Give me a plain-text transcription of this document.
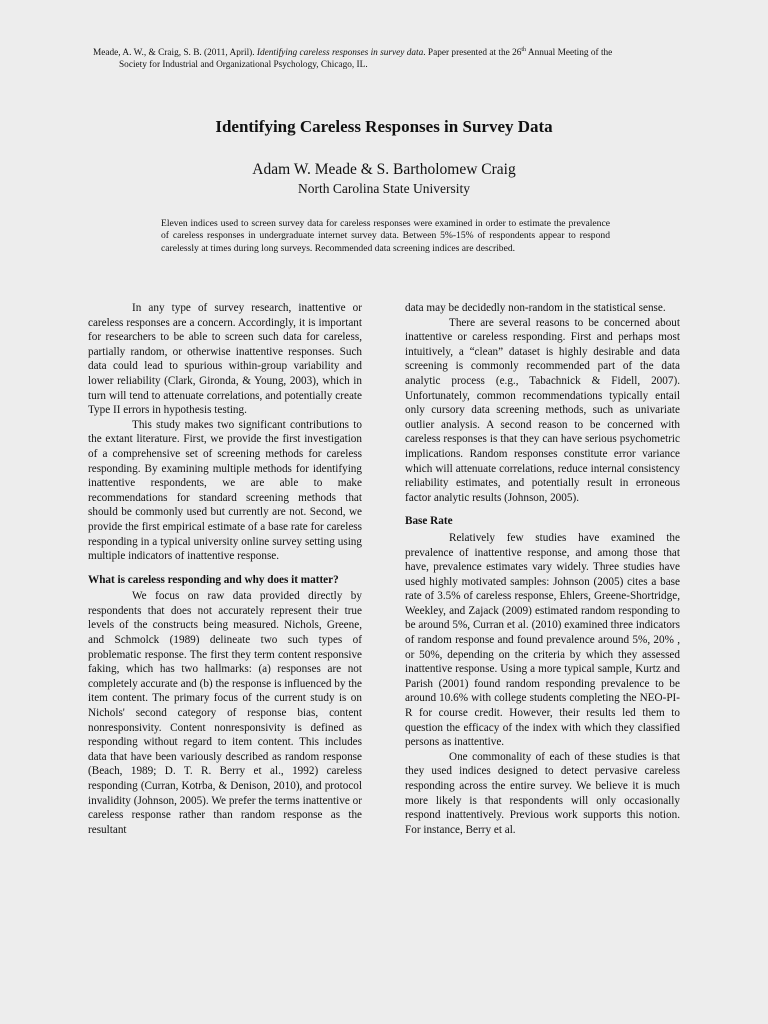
Meade, A. W., & Craig, S. B. (2011, April). Identifying careless responses in survey data. Paper presented at the 26th Annual Meeting of the
Society for Industrial and Organizational Psychology, Chicago, IL.
Identifying Careless Responses in Survey Data
Adam W. Meade & S. Bartholomew Craig
North Carolina State University
Eleven indices used to screen survey data for careless responses were examined in order to estimate the prevalence of careless responses in undergraduate internet survey data. Between 5%-15% of respondents appear to respond carelessly at times during long surveys. Recommended data screening indices are described.

In any type of survey research, inattentive or careless responses are a concern. Accordingly, it is important for researchers to be able to screen such data for careless, partially random, or otherwise inattentive responses. Such data could lead to spurious within-group variability and lower reliability (Clark, Gironda, & Young, 2003), which in turn will tend to attenuate correlations, and potentially create Type II errors in hypothesis testing.

This study makes two significant contributions to the extant literature. First, we provide the first investigation of a comprehensive set of screening methods for careless responding. By examining multiple methods for identifying inattentive respondents, we are able to make recommendations for standard screening methods that should be commonly used but currently are not. Second, we provide the first empirical estimate of a base rate for careless responding in a typical university online survey setting using multiple indicators of inattentive response.

What is careless responding and why does it matter?

We focus on raw data provided directly by respondents that does not accurately represent their true levels of the constructs being measured. Nichols, Greene, and Schmolck (1989) delineate two such types of problematic response. The first they term content responsive faking, which has two hallmarks: (a) responses are not completely accurate and (b) the response is influenced by the item content. The primary focus of the current study is on Nichols' second category of response bias, content nonresponsivity. Content nonresponsivity is defined as responding without regard to item content. This includes data that have been variously described as random response (Beach, 1989; D. T. R. Berry et al., 1992) careless responding (Curran, Kotrba, & Denison, 2010), and protocol invalidity (Johnson, 2005). We prefer the terms inattentive or careless response rather than random response as the resultant

data may be decidedly non-random in the statistical sense.

There are several reasons to be concerned about inattentive or careless responding. First and perhaps most intuitively, a “clean” dataset is highly desirable and data screening is commonly recommended part of the data analytic process (e.g., Tabachnick & Fidell, 2007). Unfortunately, common recommendations typically entail only cursory data screening methods, such as univariate outlier analysis. A second reason to be concerned with careless responses is that they can have serious psychometric implications. Random responses constitute error variance which will attenuate correlations, reduce internal consistency reliability estimates, and potentially result in erroneous factor analytic results (Johnson, 2005).

Base Rate

Relatively few studies have examined the prevalence of inattentive response, and among those that have, prevalence estimates vary widely. Three studies have used highly motivated samples: Johnson (2005) cites a base rate of 3.5% of careless response, Ehlers, Greene-Shortridge, Weekley, and Zajack (2009) estimated random responding to be around 5%, Curran et al. (2010) examined three indicators of random response and found prevalence around 5%, 20% , or 50%, depending on the criteria by which they assessed inattentive response. Using a more typical sample, Kurtz and Parish (2001) found random responding prevalence to be around 10.6% with college students completing the NEO-PI-R for course credit. However, their results led them to question the efficacy of the index with which they classified persons as inattentive.

One commonality of each of these studies is that they used indices designed to detect pervasive careless responding across the entire survey. We believe it is much more likely is that respondents will only occasionally respond inattentively. Previous work supports this notion. For instance, Berry et al.
